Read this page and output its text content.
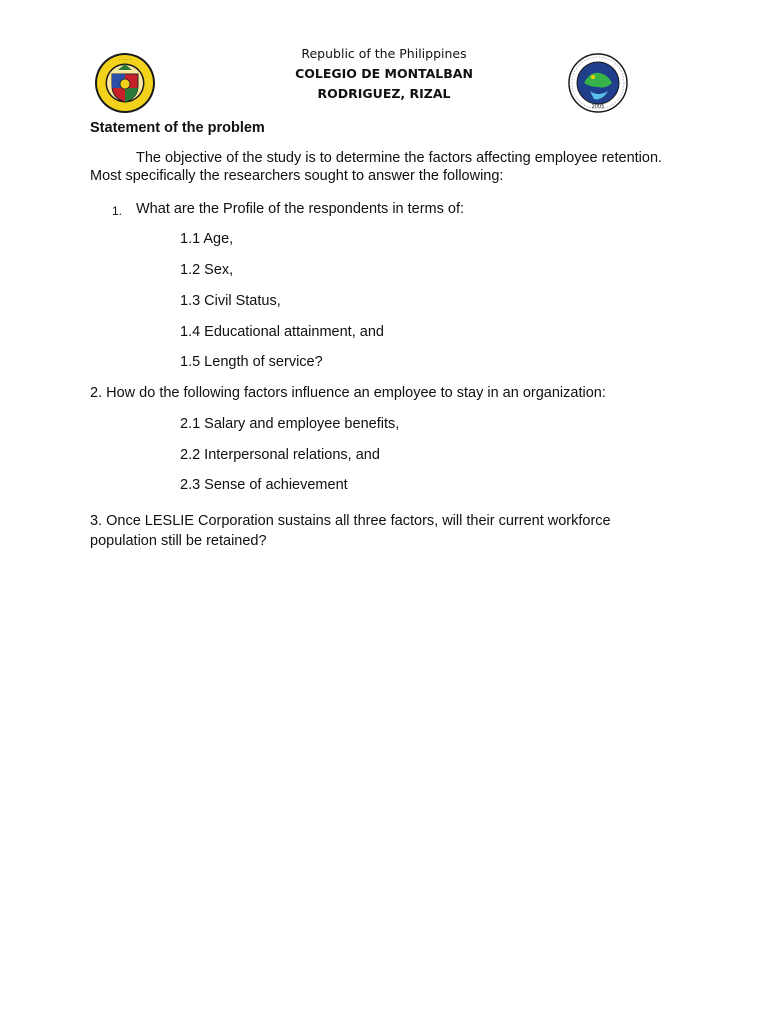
Republic of the Philippines
COLEGIO DE MONTALBAN
RODRIGUEZ, RIZAL
· · · · ·
2005
Statement of the problem
The objective of the study is to determine the factors affecting employee retention.
Most specifically the researchers sought to answer the following:
1. What are the Profile of the respondents in terms of:
1.1 Age,
1.2 Sex,
1.3 Civil Status,
1.4 Educational attainment, and
1.5 Length of service?
2. How do the following factors influence an employee to stay in an organization:
2.1 Salary and employee benefits,
2.2 Interpersonal relations, and
2.3 Sense of achievement
3. Once LESLIE Corporation sustains all three factors, will their current workforce
population still be retained?
